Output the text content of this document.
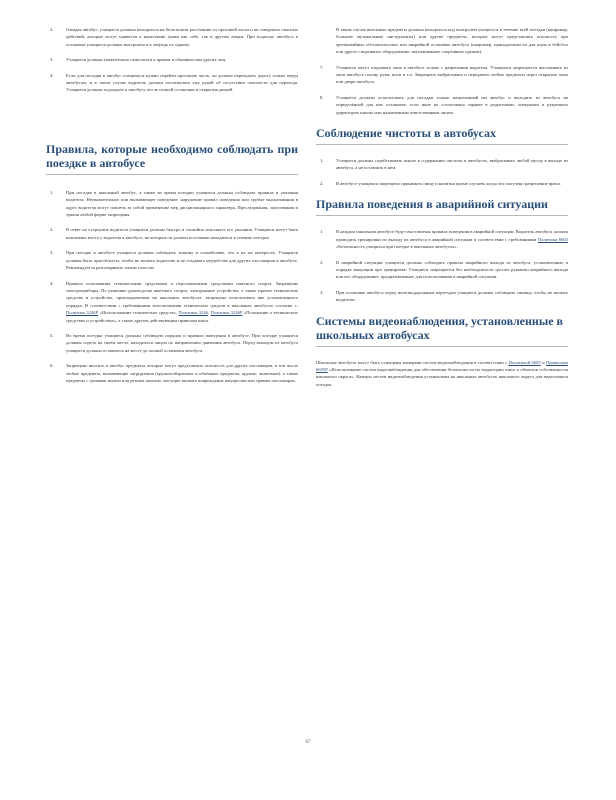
2.	Ожидая автобус, учащиеся должны находиться на безопасном расстоянии от проезжей части и не совершать опасных действий, которые могут привести к нанесению травм как себе, так и другим лицам. При подъезде автобуса к остановке учащиеся должны выстроиться в очередь по одному.
3.	Учащиеся должны уважительно относиться к правам и обязанностям других лиц.
4.	Если для посадки в автобус учащемуся нужно перейти проезжую часть, он должен переходить дорогу только перед автобусом, и в таком случае водитель должен посигналить ему рукой об отсутствии опасности для перехода. Учащиеся должны подходить к автобусу после полной остановки и открытия дверей.
Правила, которые необходимо соблюдать при поездке в автобусе
1.	При посадке в школьный автобус, а также во время поездки учащиеся должны соблюдать правила и указания водителя. Неуважительное или вызывающее поведение, нарушение правил поведения или грубые высказывания в адрес водителя могут повлечь за собой применение мер дисциплинарного характера. Преследования, запугивания и травля любой форме запрещены.
2.	В ответ на остроумие водителя учащиеся должны быстро и спокойно исполнять его указания. Учащиеся могут быть назначены места у водителя в автобусе, на котором он должен постоянно находиться в течение поездки.
3.	При поездке в автобусе учащиеся должны соблюдать тишину и спокойствие, что в их же интересах. Учащиеся должны быть пристёгнуты, чтобы не мешать водителю и не создавать неудобства для других пассажиров в автобусе. Рекомендуется разговаривать тихим голосом.
4.	Правила пользования техническими средствами и персональными средствами шкетного спорта. Запрещены электроприборы. По решению руководства шкетного спорта, электронные устройства, а также прочие технические средства и устройства, прокладываемые на школьных автобусах, запрещено использовать вне установленного порядка. В соответствии с требованиями использования технических средств в школьных автобусах согласно с: Политика 3246Р «Использование технических средств», Политика 3246, Политика 3246Р «Положение о технических средствах и устройствах», а также другим действующим правилам школ.
5.	Во время поездки учащиеся должны соблюдать порядок и правила поведения в автобусе. При поездке учащиеся должны сидеть на своём месте, находиться лицом по направлению движения автобуса. Перед выходом из автобуса учащиеся должны оставаться на месте до полной остановки автобуса.
6.	Запрещено вносить в автобус предметы, которые могут представлять опасность для других пассажиров, в том числе любые предметы, вызывающие затруднения (крупногабаритные и объёмные предметы, оружие, животные), а также предметы с громким звуком или резким запахом, могущие вызвать повреждение имущества или травмы пассажиров.
В таком случае вносимые предметы должны находиться под контролем учащегося в течение всей поездки (например, большие музыкальные инструменты) или другие предметы, которые могут представлять опасность при чрезвычайных обстоятельствах или аварийной остановке автобуса (например, принадлежности для игры в бейсбол или другое спортивное оборудование, неупакованное спортивное оружие).
7.	Учащиеся могут открывать окна в автобусе только с разрешения водителя. Учащимся запрещается высовывать из окон автобуса голову, руки, ноги и т.п. Запрещено выбрасывать и передавать любые предметы через открытые окна или двери автобуса.
8.	Учащиеся должны использовать для посадки только назначенный им автобус и выходить из автобуса на определённой для них остановке, если иное не согласовано заранее в родителями: опекунами и разрешено директором школы или назначенным ответственным лицом.
Соблюдение чистоты в автобусах
1.	Учащиеся должны содействовать школе в содержании чистоты в автобусах, выбрасывать любой мусор в выходе из автобуса, а не оставлять в нём.
2.	В автобусе учащимся запрещено принимать пищу и напитки кроме случаев, когда это получено разрешение врача.
Правила поведения в аварийной ситуации
1.	В каждом школьном автобусе будут выставлены правила поведения в аварийной ситуации. Водитель автобуса должен проводить тренировки по выходу из автобуса в аварийной ситуации в соответствии с требованиями Политики 6605 «Безопасность учащихся при поездке в школьных автобусах».
2.	В аварийной ситуации учащиеся должны соблюдать правила аварийного выхода из автобуса, установленные в порядке эвакуации при тренировке. Учащиеся запрещается без необходимости трогать рукоятки аварийного выхода или его оборудование, предназначенное для использования в аварийной ситуации.
3.	При остановке автобуса перед железнодорожным переездом учащиеся должны соблюдать тишину, чтобы не мешать водителю.
Системы видеонаблюдения, установленные в школьных автобусах
Школьные автобусы могут быть оснащены камерами систем видеонаблюдения в соответствии с Политикой 6605 и Правилами 6605Р «Использование систем видеонаблюдения для обеспечения безопасности на территории школ и объектов собственности школьного округа». Камеры систем видеонаблюдения установлены на школьных автобусах школьного округа для видеозаписи поездок.
67
